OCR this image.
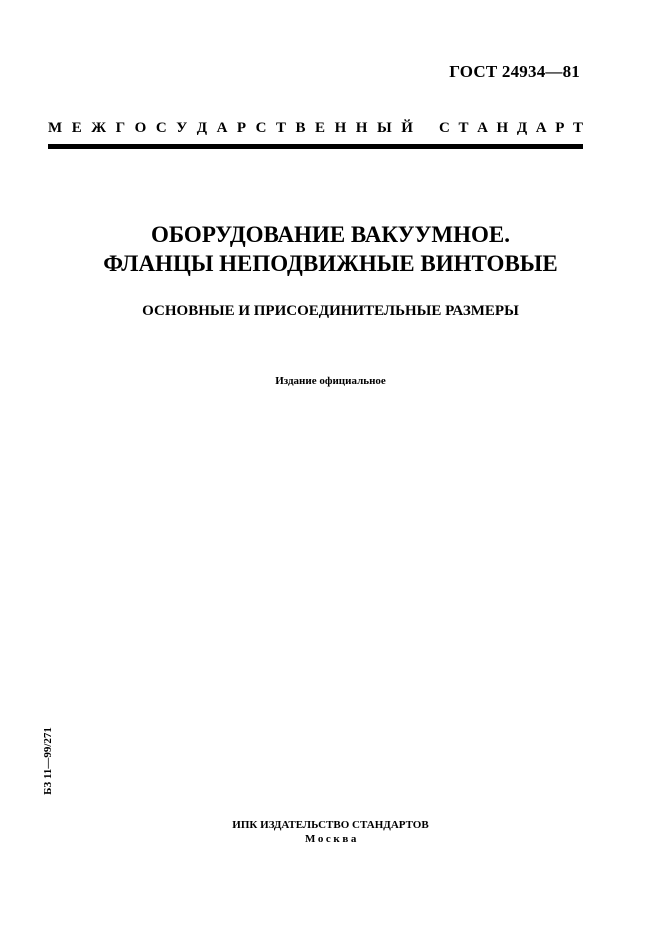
ГОСТ 24934—81
М Е Ж Г О С У Д А Р С Т В Е Н Н Ы Й С Т А Н Д А Р Т
ОБОРУДОВАНИЕ ВАКУУМНОЕ.
ФЛАНЦЫ НЕПОДВИЖНЫЕ ВИНТОВЫЕ
ОСНОВНЫЕ И ПРИСОЕДИНИТЕЛЬНЫЕ РАЗМЕРЫ
Издание официальное
БЗ 11—99/271
ИПК ИЗДАТЕЛЬСТВО СТАНДАРТОВ
Москва
